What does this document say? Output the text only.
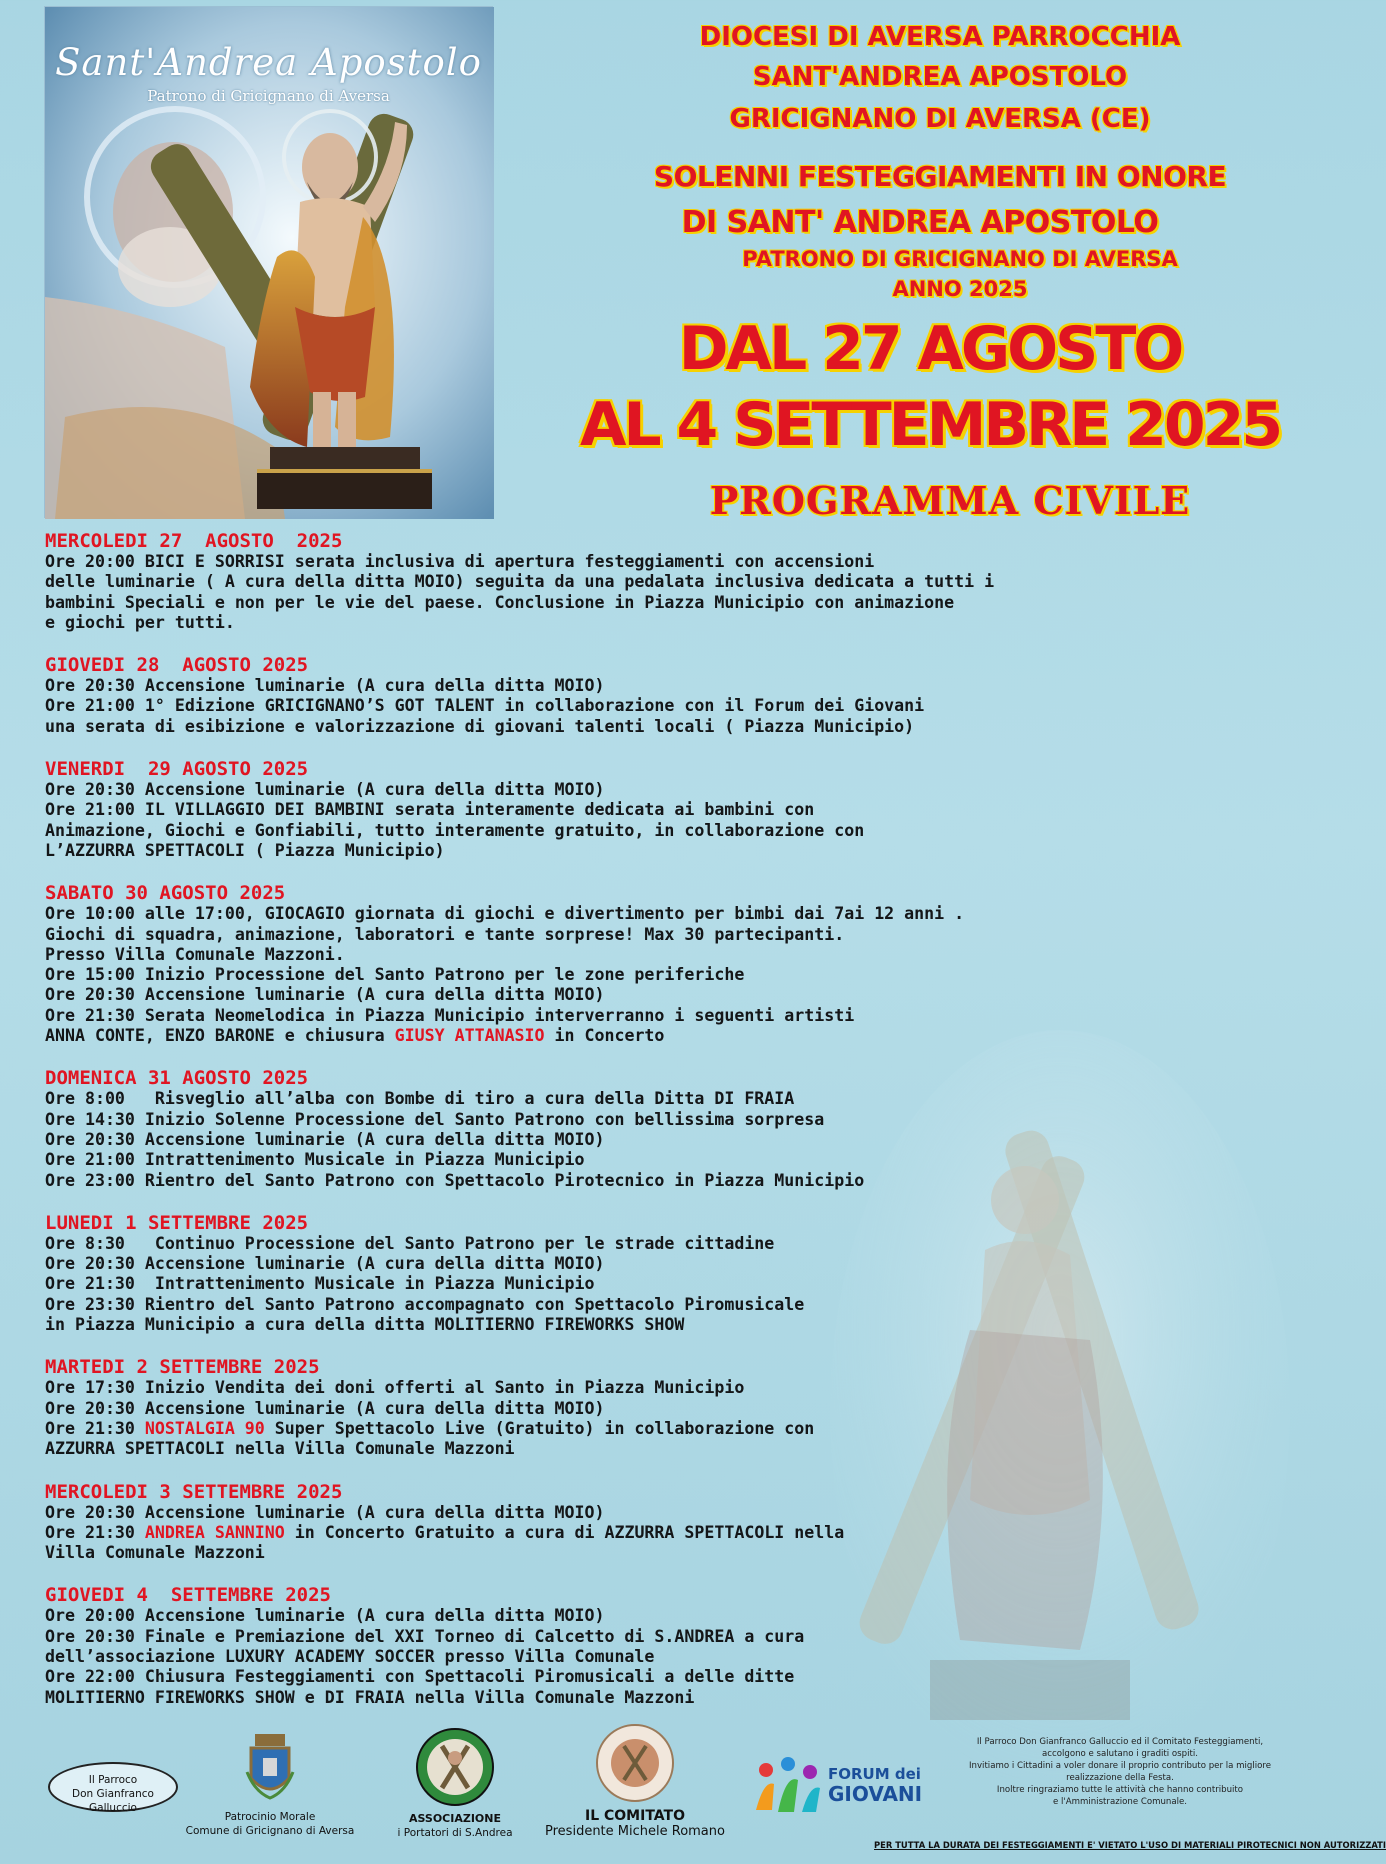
Sant'Andrea Apostolo
Patrono di Gricignano di Aversa
DIOCESI DI AVERSA PARROCCHIA
SANT'ANDREA APOSTOLO
GRICIGNANO DI AVERSA (CE)
SOLENNI FESTEGGIAMENTI IN ONORE
DI SANT' ANDREA APOSTOLO
PATRONO DI GRICIGNANO DI AVERSA
ANNO 2025
DAL 27 AGOSTO
AL 4 SETTEMBRE 2025
PROGRAMMA CIVILE
MERCOLEDI 27  AGOSTO  2025
Ore 20:00 BICI E SORRISI serata inclusiva di apertura festeggiamenti con accensioni
delle luminarie ( A cura della ditta MOIO) seguita da una pedalata inclusiva dedicata a tutti i
bambini Speciali e non per le vie del paese. Conclusione in Piazza Municipio con animazione
e giochi per tutti.
GIOVEDI 28  AGOSTO 2025
Ore 20:30 Accensione luminarie (A cura della ditta MOIO)
Ore 21:00 1° Edizione GRICIGNANO’S GOT TALENT in collaborazione con il Forum dei Giovani
una serata di esibizione e valorizzazione di giovani talenti locali ( Piazza Municipio)
VENERDI  29 AGOSTO 2025
Ore 20:30 Accensione luminarie (A cura della ditta MOIO)
Ore 21:00 IL VILLAGGIO DEI BAMBINI serata interamente dedicata ai bambini con
Animazione, Giochi e Gonfiabili, tutto interamente gratuito, in collaborazione con
L’AZZURRA SPETTACOLI ( Piazza Municipio)
SABATO 30 AGOSTO 2025
Ore 10:00 alle 17:00, GIOCAGIO giornata di giochi e divertimento per bimbi dai 7ai 12 anni .
Giochi di squadra, animazione, laboratori e tante sorprese! Max 30 partecipanti.
Presso Villa Comunale Mazzoni.
Ore 15:00 Inizio Processione del Santo Patrono per le zone periferiche
Ore 20:30 Accensione luminarie (A cura della ditta MOIO)
Ore 21:30 Serata Neomelodica in Piazza Municipio interverranno i seguenti artisti
ANNA CONTE, ENZO BARONE e chiusura GIUSY ATTANASIO in Concerto
DOMENICA 31 AGOSTO 2025
Ore 8:00   Risveglio all’alba con Bombe di tiro a cura della Ditta DI FRAIA
Ore 14:30 Inizio Solenne Processione del Santo Patrono con bellissima sorpresa
Ore 20:30 Accensione luminarie (A cura della ditta MOIO)
Ore 21:00 Intrattenimento Musicale in Piazza Municipio
Ore 23:00 Rientro del Santo Patrono con Spettacolo Pirotecnico in Piazza Municipio
LUNEDI 1 SETTEMBRE 2025
Ore 8:30   Continuo Processione del Santo Patrono per le strade cittadine
Ore 20:30 Accensione luminarie (A cura della ditta MOIO)
Ore 21:30  Intrattenimento Musicale in Piazza Municipio
Ore 23:30 Rientro del Santo Patrono accompagnato con Spettacolo Piromusicale
in Piazza Municipio a cura della ditta MOLITIERNO FIREWORKS SHOW
MARTEDI 2 SETTEMBRE 2025
Ore 17:30 Inizio Vendita dei doni offerti al Santo in Piazza Municipio
Ore 20:30 Accensione luminarie (A cura della ditta MOIO)
Ore 21:30 NOSTALGIA 90 Super Spettacolo Live (Gratuito) in collaborazione con
AZZURRA SPETTACOLI nella Villa Comunale Mazzoni
MERCOLEDI 3 SETTEMBRE 2025
Ore 20:30 Accensione luminarie (A cura della ditta MOIO)
Ore 21:30 ANDREA SANNINO in Concerto Gratuito a cura di AZZURRA SPETTACOLI nella
Villa Comunale Mazzoni
GIOVEDI 4  SETTEMBRE 2025
Ore 20:00 Accensione luminarie (A cura della ditta MOIO)
Ore 20:30 Finale e Premiazione del XXI Torneo di Calcetto di S.ANDREA a cura
dell’associazione LUXURY ACADEMY SOCCER presso Villa Comunale
Ore 22:00 Chiusura Festeggiamenti con Spettacoli Piromusicali a delle ditte
MOLITIERNO FIREWORKS SHOW e DI FRAIA nella Villa Comunale Mazzoni
Il Parroco
Don Gianfranco Galluccio
Patrocinio Morale
Comune di Gricignano di Aversa
ASSOCIAZIONE
i Portatori di S.Andrea
IL COMITATO
Presidente Michele Romano
FORUM dei
GIOVANI
Il Parroco Don Gianfranco Galluccio ed il Comitato Festeggiamenti,
accolgono e salutano i graditi ospiti.
Invitiamo i Cittadini a voler donare il proprio contributo per la migliore
realizzazione della Festa.
Inoltre ringraziamo tutte le attività che hanno contribuito
e l'Amministrazione Comunale.
PER TUTTA LA DURATA DEI FESTEGGIAMENTI E' VIETATO L'USO DI MATERIALI PIROTECNICI NON AUTORIZZATI
